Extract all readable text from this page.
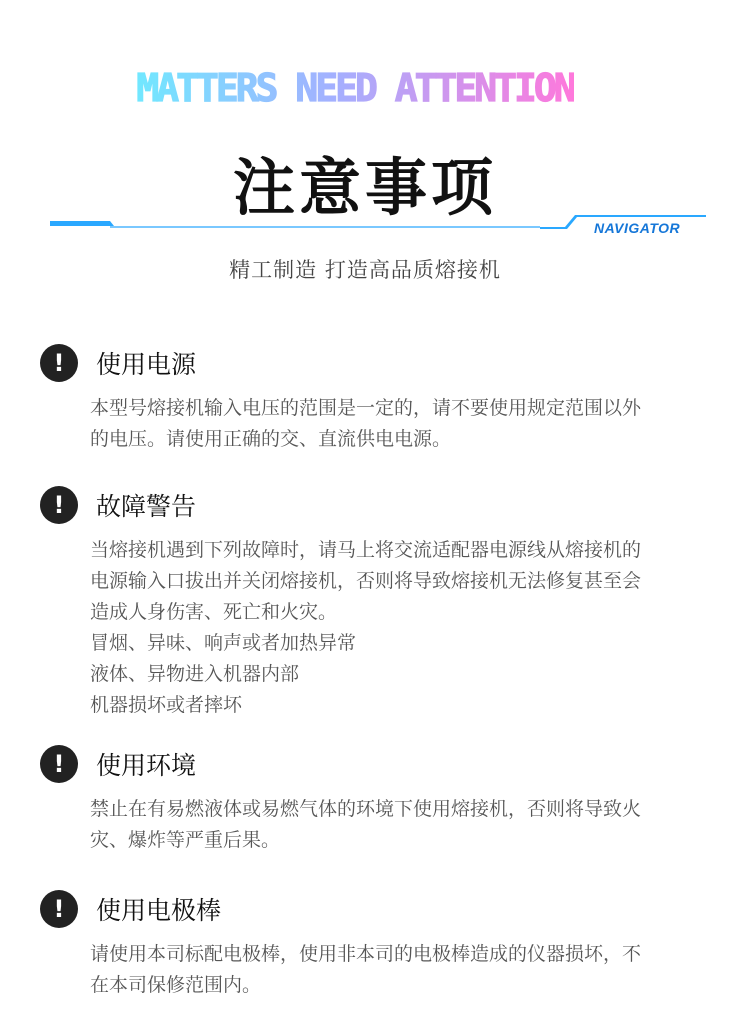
MATTERS NEED ATTENTION
注意事项
NAVIGATOR
精工制造 打造高品质熔接机
!	使用电源

本型号熔接机输入电压的范围是一定的，请不要使用规定范围以外

的电压。请使用正确的交、直流供电电源。

!	故障警告

当熔接机遇到下列故障时，请马上将交流适配器电源线从熔接机的

电源输入口拔出并关闭熔接机，否则将导致熔接机无法修复甚至会

造成人身伤害、死亡和火灾。

冒烟、异味、响声或者加热异常

液体、异物进入机器内部

机器损坏或者摔坏

!	使用环境

禁止在有易燃液体或易燃气体的环境下使用熔接机，否则将导致火

灾、爆炸等严重后果。

!	使用电极棒

请使用本司标配电极棒，使用非本司的电极棒造成的仪器损坏，不

在本司保修范围内。
